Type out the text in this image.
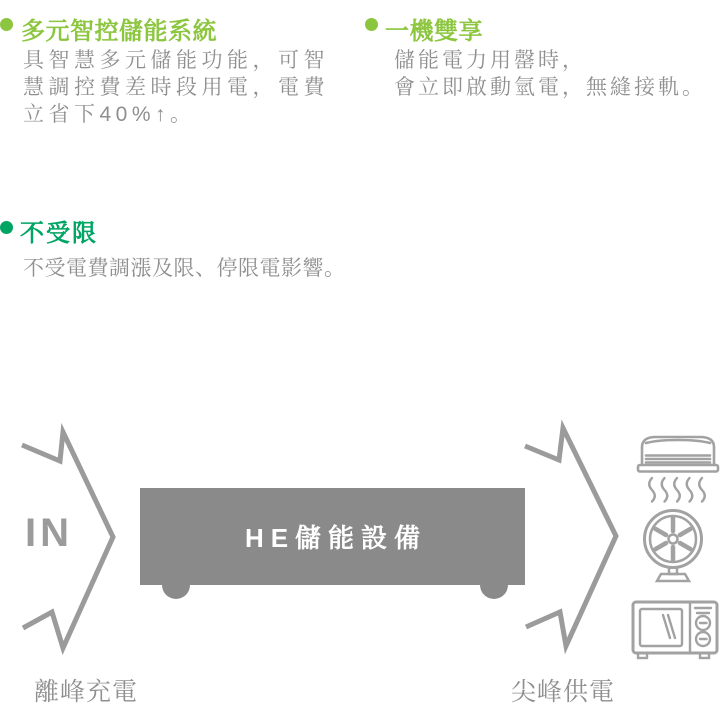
多元智控儲能系統
具智慧多元儲能功能，可智
慧調控費差時段用電，電費
立省下40%↑。
一機雙享
儲能電力用罄時，
會立即啟動氫電，無縫接軌。
不受限
不受電費調漲及限、停限電影響。
IN	HE儲能設備
離峰充電	尖峰供電
